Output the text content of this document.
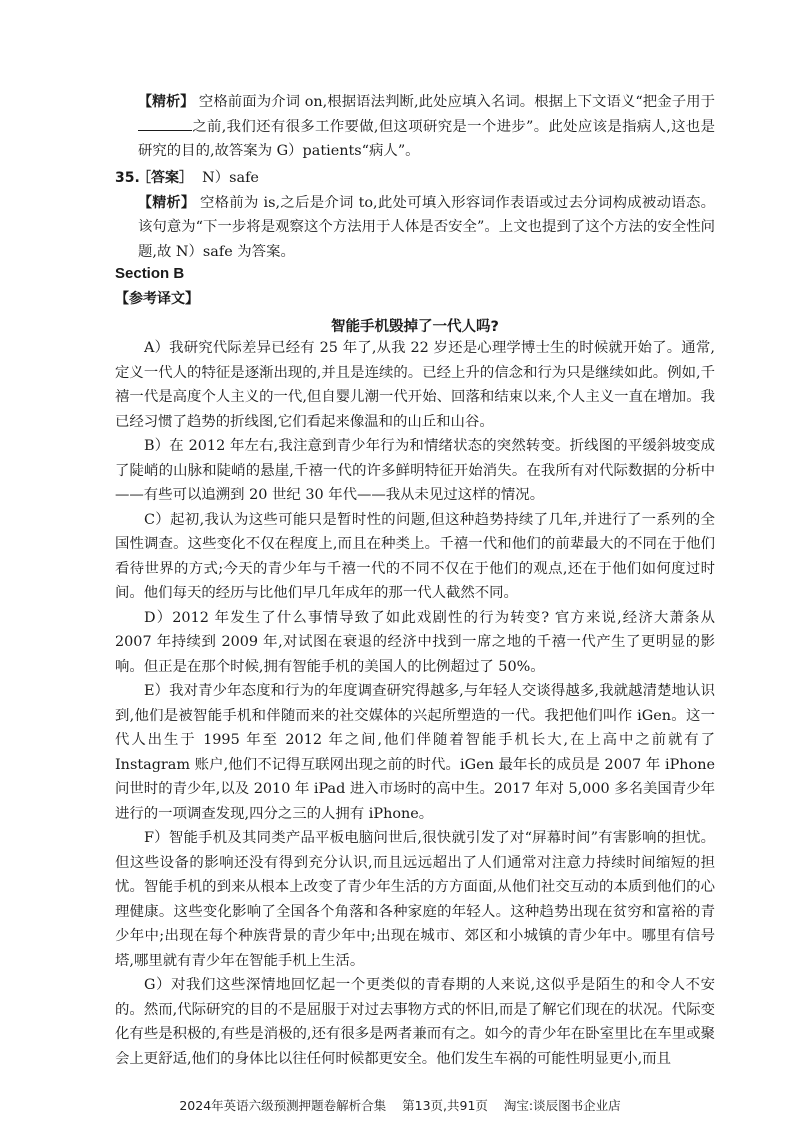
【精析】 空格前面为介词 on,根据语法判断,此处应填入名词。根据上下文语义“把金子用于之前,我们还有很多工作要做,但这项研究是一个进步”。此处应该是指病人,这也是研究的目的,故答案为 G）patients“病人”。

35.［答案］ N）safe

【精析】 空格前为 is,之后是介词 to,此处可填入形容词作表语或过去分词构成被动语态。该句意为“下一步将是观察这个方法用于人体是否安全”。上文也提到了这个方法的安全性问题,故 N）safe 为答案。

Section B

【参考译文】

智能手机毁掉了一代人吗?

A）我研究代际差异已经有 25 年了,从我 22 岁还是心理学博士生的时候就开始了。通常,定义一代人的特征是逐渐出现的,并且是连续的。已经上升的信念和行为只是继续如此。例如,千禧一代是高度个人主义的一代,但自婴儿潮一代开始、回落和结束以来,个人主义一直在增加。我已经习惯了趋势的折线图,它们看起来像温和的山丘和山谷。

B）在 2012 年左右,我注意到青少年行为和情绪状态的突然转变。折线图的平缓斜坡变成了陡峭的山脉和陡峭的悬崖,千禧一代的许多鲜明特征开始消失。在我所有对代际数据的分析中——有些可以追溯到 20 世纪 30 年代——我从未见过这样的情况。

C）起初,我认为这些可能只是暂时性的问题,但这种趋势持续了几年,并进行了一系列的全国性调查。这些变化不仅在程度上,而且在种类上。千禧一代和他们的前辈最大的不同在于他们看待世界的方式;今天的青少年与千禧一代的不同不仅在于他们的观点,还在于他们如何度过时间。他们每天的经历与比他们早几年成年的那一代人截然不同。

D）2012 年发生了什么事情导致了如此戏剧性的行为转变? 官方来说,经济大萧条从 2007 年持续到 2009 年,对试图在衰退的经济中找到一席之地的千禧一代产生了更明显的影响。但正是在那个时候,拥有智能手机的美国人的比例超过了 50%。

E）我对青少年态度和行为的年度调查研究得越多,与年轻人交谈得越多,我就越清楚地认识到,他们是被智能手机和伴随而来的社交媒体的兴起所塑造的一代。我把他们叫作 iGen。这一代人出生于 1995 年至 2012 年之间,他们伴随着智能手机长大,在上高中之前就有了 Instagram 账户,他们不记得互联网出现之前的时代。iGen 最年长的成员是 2007 年 iPhone 问世时的青少年,以及 2010 年 iPad 进入市场时的高中生。2017 年对 5,000 多名美国青少年进行的一项调查发现,四分之三的人拥有 iPhone。

F）智能手机及其同类产品平板电脑问世后,很快就引发了对“屏幕时间”有害影响的担忧。但这些设备的影响还没有得到充分认识,而且远远超出了人们通常对注意力持续时间缩短的担忧。智能手机的到来从根本上改变了青少年生活的方方面面,从他们社交互动的本质到他们的心理健康。这些变化影响了全国各个角落和各种家庭的年轻人。这种趋势出现在贫穷和富裕的青少年中;出现在每个种族背景的青少年中;出现在城市、郊区和小城镇的青少年中。哪里有信号塔,哪里就有青少年在智能手机上生活。

G）对我们这些深情地回忆起一个更类似的青春期的人来说,这似乎是陌生的和令人不安的。然而,代际研究的目的不是屈服于对过去事物方式的怀旧,而是了解它们现在的状况。代际变化有些是积极的,有些是消极的,还有很多是两者兼而有之。如今的青少年在卧室里比在车里或聚会上更舒适,他们的身体比以往任何时候都更安全。他们发生车祸的可能性明显更小,而且

2024年英语六级预测押题卷解析合集 第13页,共91页 淘宝:谈辰图书企业店
